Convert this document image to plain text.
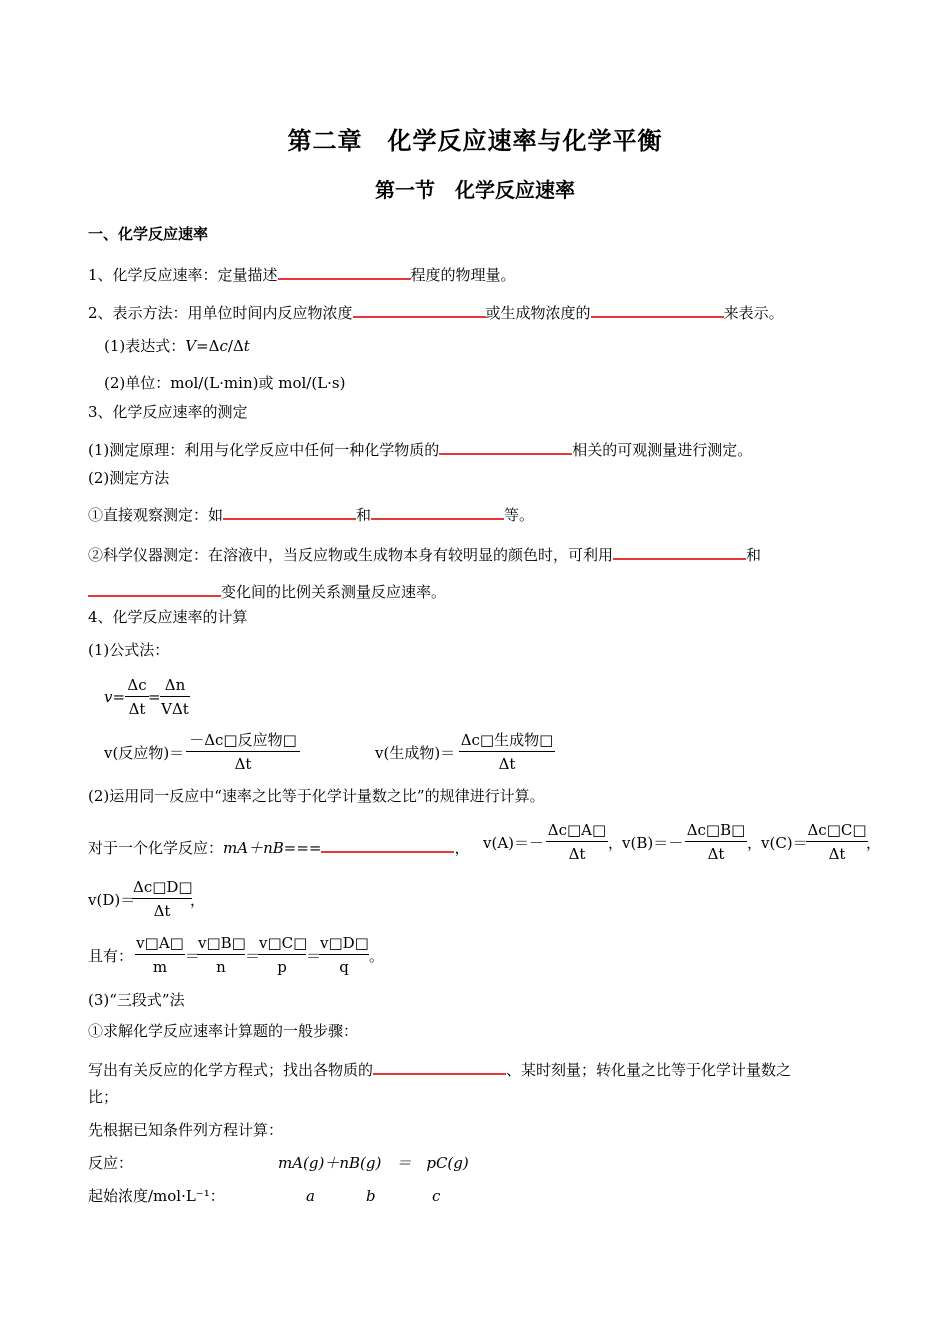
第二章　化学反应速率与化学平衡
第一节　化学反应速率
一、化学反应速率
1、化学反应速率：定量描述	程度的物理量。
2、表示方法：用单位时间内反应物浓度	或生成物浓度的	来表示。
(1)表达式：V=Δc/Δt
(2)单位：mol/(L·min)或 mol/(L·s)
3、化学反应速率的测定
(1)测定原理：利用与化学反应中任何一种化学物质的	相关的可观测量进行测定。
(2)测定方法
①直接观察测定：如	和	等。
②科学仪器测定：在溶液中，当反应物或生成物本身有较明显的颜色时，可利用	和
变化间的比例关系测量反应速率。
4、化学反应速率的计算
(1)公式法：
$v= \frac{\Delta c}{\Delta t}$ =
Δn
VΔt
v(反应物)＝
－Δc□反应物□
Δt
v(生成物)＝
Δc□生成物□
Δt
(2)运用同一反应中“速率之比等于化学计量数之比”的规律进行计算。
对于一个化学反应：mA＋nB===	， $v(A)=- \frac{\Delta c□A□}{\Delta t}$ ，
$v(B)=- \frac{\Delta c□B□}{\Delta t}$ ，
v(C)＝
$\frac{\Delta c□C□}{\Delta t}$
，
v(D)＝
$\frac{\Delta c□D□}{\Delta t}$
，
且有： $\frac{v□A□}{m}$ ＝
$\frac{v□B□}{n}$ ＝
$\frac{v□C□}{p}$ ＝
$\frac{v□D□}{q}$ 。
(3)“三段式”法
①求解化学反应速率计算题的一般步骤：
写出有关反应的化学方程式；找出各物质的	、某时刻量；转化量之比等于化学计量数之
比；
先根据已知条件列方程计算：
反应：	mA(g)＋nB(g)　＝　pC(g)
起始浓度/mol·L⁻¹：	a	b	c
